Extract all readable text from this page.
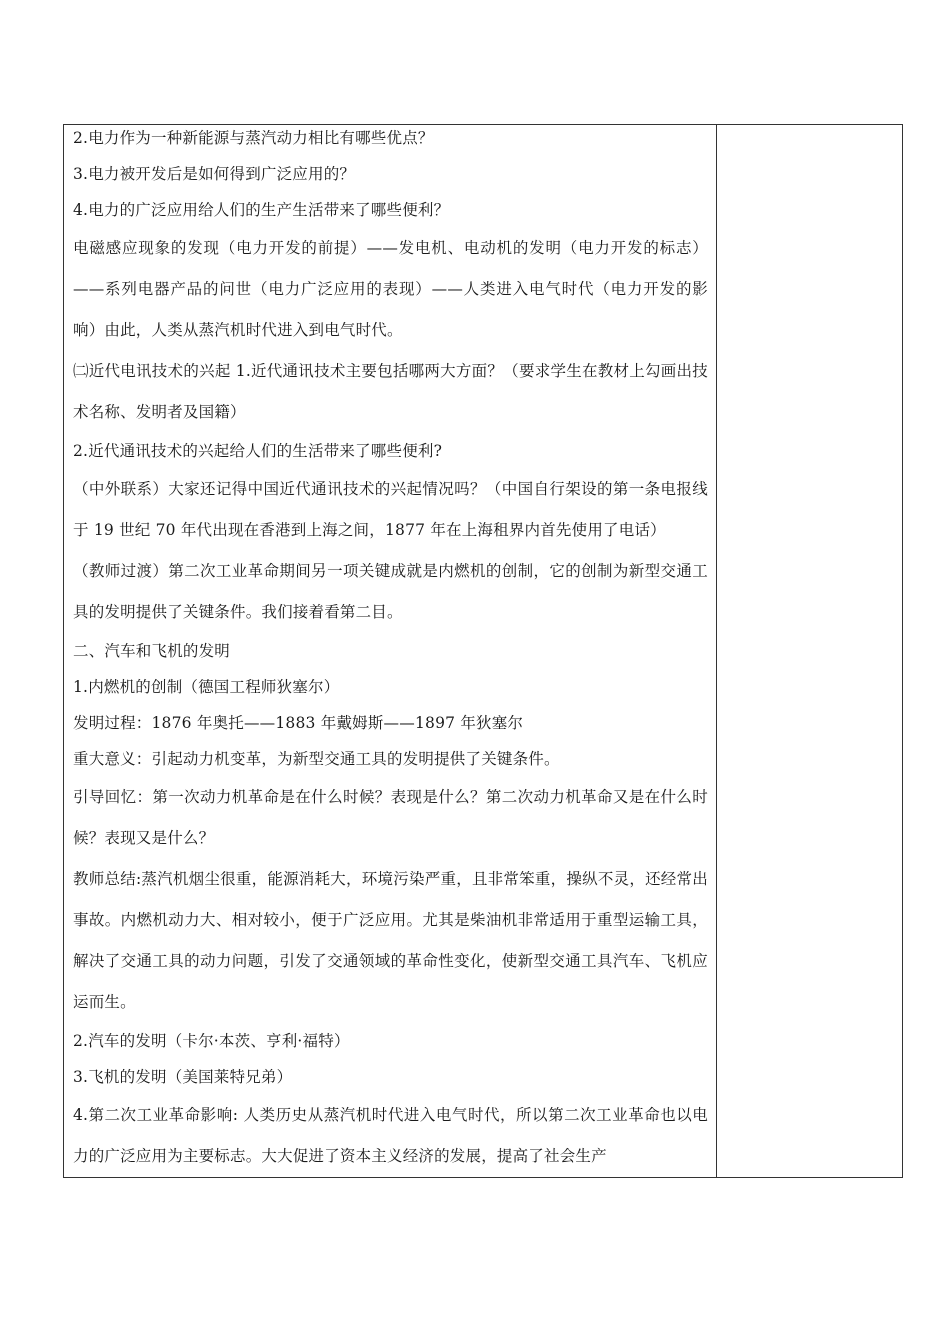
2.电力作为一种新能源与蒸汽动力相比有哪些优点？

3.电力被开发后是如何得到广泛应用的？

4.电力的广泛应用给人们的生产生活带来了哪些便利？

电磁感应现象的发现（电力开发的前提）——发电机、电动机的发明（电力开发的标志）——系列电器产品的问世（电力广泛应用的表现）——人类进入电气时代（电力开发的影响）由此，人类从蒸汽机时代进入到电气时代。

㈡近代电讯技术的兴起 1.近代通讯技术主要包括哪两大方面？（要求学生在教材上勾画出技术名称、发明者及国籍）

2.近代通讯技术的兴起给人们的生活带来了哪些便利?

（中外联系）大家还记得中国近代通讯技术的兴起情况吗？（中国自行架设的第一条电报线于 19 世纪 70 年代出现在香港到上海之间，1877 年在上海租界内首先使用了电话）

（教师过渡）第二次工业革命期间另一项关键成就是内燃机的创制，它的创制为新型交通工具的发明提供了关键条件。我们接着看第二目。

二、汽车和飞机的发明

1.内燃机的创制（德国工程师狄塞尔）

发明过程：1876 年奥托——1883 年戴姆斯——1897 年狄塞尔

重大意义：引起动力机变革，为新型交通工具的发明提供了关键条件。

引导回忆：第一次动力机革命是在什么时候？表现是什么？第二次动力机革命又是在什么时候？表现又是什么？

教师总结:蒸汽机烟尘很重，能源消耗大，环境污染严重，且非常笨重，操纵不灵，还经常出事故。内燃机动力大、相对较小，便于广泛应用。尤其是柴油机非常适用于重型运输工具，解决了交通工具的动力问题，引发了交通领域的革命性变化，使新型交通工具汽车、飞机应运而生。

2.汽车的发明（卡尔·本茨、亨利·福特）

3.飞机的发明（美国莱特兄弟）

4.第二次工业革命影响: 人类历史从蒸汽机时代进入电气时代，所以第二次工业革命也以电力的广泛应用为主要标志。大大促进了资本主义经济的发展，提高了社会生产
